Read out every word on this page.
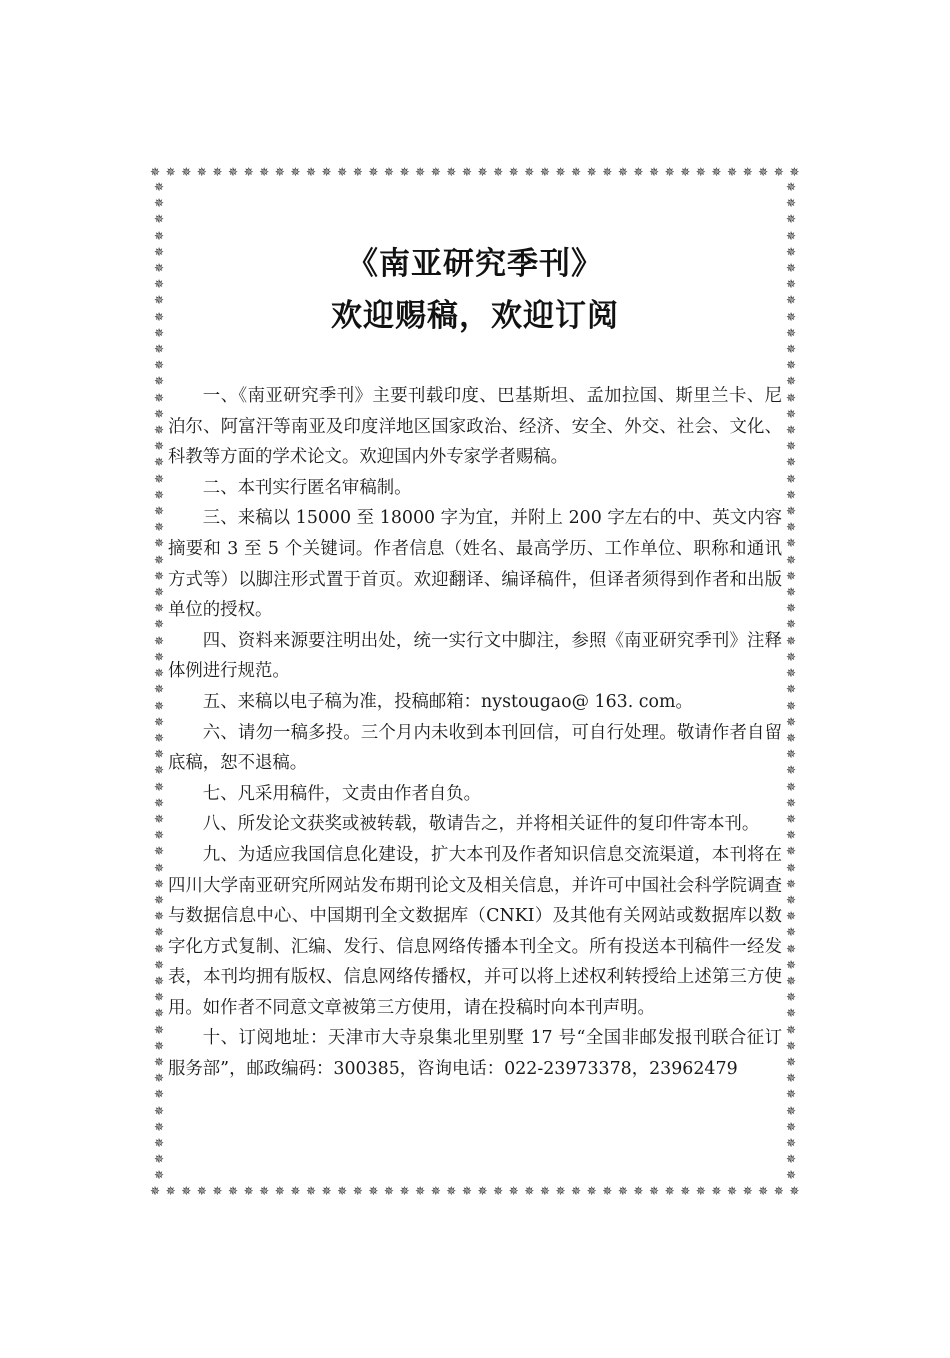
✵ ✵ ✵ ✵ ✵ ✵ ✵ ✵ ✵ ✵ ✵ ✵ ✵ ✵ ✵ ✵ ✵ ✵ ✵ ✵ ✵ ✵ ✵ ✵ ✵ ✵ ✵ ✵ ✵ ✵ ✵ ✵ ✵ ✵ ✵ ✵ ✵ ✵ ✵ ✵ ✵ ✵
✵ ✵ ✵ ✵ ✵ ✵ ✵ ✵ ✵ ✵ ✵ ✵ ✵ ✵ ✵ ✵ ✵ ✵ ✵ ✵ ✵ ✵ ✵ ✵ ✵ ✵ ✵ ✵ ✵ ✵ ✵ ✵ ✵ ✵ ✵ ✵ ✵ ✵ ✵ ✵ ✵ ✵
✵
✵
✵
✵
✵
✵
✵
✵
✵
✵
✵
✵
✵
✵
✵
✵
✵
✵
✵
✵
✵
✵
✵
✵
✵
✵
✵
✵
✵
✵
✵
✵
✵
✵
✵
✵
✵
✵
✵
✵
✵
✵
✵
✵
✵
✵
✵
✵
✵
✵
✵
✵
✵
✵
✵
✵
✵
✵
✵
✵
✵
✵
✵
✵
✵
✵
✵
✵
✵
✵
✵
✵
✵
✵
✵
✵
✵
✵
✵
✵
✵
✵
✵
✵
✵
✵
✵
✵
✵
✵
✵
✵
✵
✵
✵
✵
✵
✵
✵
✵
✵
✵
✵
✵
✵
✵
✵
✵
✵
✵
✵
✵
✵
✵
✵
✵
✵
✵
✵
✵
✵
✵
✵
✵
《南亚研究季刊》
欢迎赐稿，欢迎订阅

一、《南亚研究季刊》主要刊载印度、巴基斯坦、孟加拉国、斯里兰卡、尼泊尔、阿富汗等南亚及印度洋地区国家政治、经济、安全、外交、社会、文化、科教等方面的学术论文。欢迎国内外专家学者赐稿。

二、本刊实行匿名审稿制。

三、来稿以 15000 至 18000 字为宜，并附上 200 字左右的中、英文内容摘要和 3 至 5 个关键词。作者信息（姓名、最高学历、工作单位、职称和通讯方式等）以脚注形式置于首页。欢迎翻译、编译稿件，但译者须得到作者和出版单位的授权。

四、资料来源要注明出处，统一实行文中脚注，参照《南亚研究季刊》注释体例进行规范。

五、来稿以电子稿为准，投稿邮箱：nystougao@ 163. com。

六、请勿一稿多投。三个月内未收到本刊回信，可自行处理。敬请作者自留底稿，恕不退稿。

七、凡采用稿件，文责由作者自负。

八、所发论文获奖或被转载，敬请告之，并将相关证件的复印件寄本刊。

九、为适应我国信息化建设，扩大本刊及作者知识信息交流渠道，本刊将在四川大学南亚研究所网站发布期刊论文及相关信息，并许可中国社会科学院调查与数据信息中心、中国期刊全文数据库（CNKI）及其他有关网站或数据库以数字化方式复制、汇编、发行、信息网络传播本刊全文。所有投送本刊稿件一经发表，本刊均拥有版权、信息网络传播权，并可以将上述权利转授给上述第三方使用。如作者不同意文章被第三方使用，请在投稿时向本刊声明。

十、订阅地址：天津市大寺泉集北里别墅 17 号“全国非邮发报刊联合征订服务部”，邮政编码：300385，咨询电话：022-23973378，23962479
